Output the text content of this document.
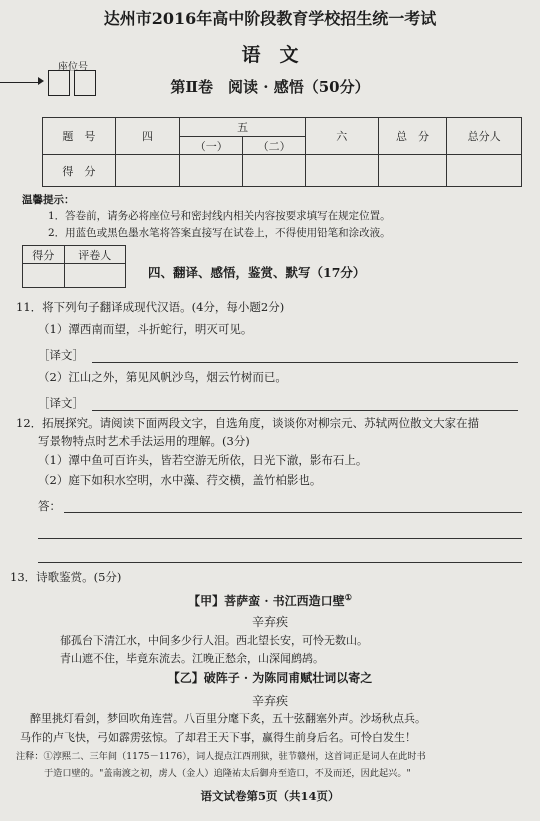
达州市2016年高中阶段教育学校招生统一考试
语　文
第Ⅱ卷　阅读 · 感悟（50分）
座位号
题　号	四	五		六	总　分	总分人
		（一）	（二）			
得　分						
温馨提示：
1．答卷前，请务必将座位号和密封线内相关内容按要求填写在规定位置。
2．用蓝色或黑色墨水笔将答案直接写在试卷上，不得使用铅笔和涂改液。
得分	评卷人

四、翻译、感悟，鉴赏、默写（17分）
11．将下列句子翻译成现代汉语。(4分，每小题2分)
（1）潭西南而望，斗折蛇行，明灭可见。
［译文］
（2）江山之外，第见风帆沙鸟，烟云竹树而已。
［译文］
12．拓展探究。请阅读下面两段文字，自选角度，谈谈你对柳宗元、苏轼两位散文大家在描
写景物特点时艺术手法运用的理解。(3分)
（1）潭中鱼可百许头，皆若空游无所依，日光下澈，影布石上。
（2）庭下如积水空明，水中藻、荇交横，盖竹柏影也。
答：
13．诗歌鉴赏。(5分)
【甲】菩萨蛮 · 书江西造口壁①
辛弃疾
郁孤台下清江水，中间多少行人泪。西北望长安，可怜无数山。
青山遮不住，毕竟东流去。江晚正愁余，山深闻鹧鸪。
【乙】破阵子 · 为陈同甫赋壮词以寄之
辛弃疾
醉里挑灯看剑，梦回吹角连营。八百里分麾下炙，五十弦翻塞外声。沙场秋点兵。
马作的卢飞快，弓如霹雳弦惊。了却君王天下事，赢得生前身后名。可怜白发生！
注释：①淳熙二、三年间（1175－1176），词人提点江西刑狱，驻节赣州，这首词正是词人在此时书
于造口壁的。"盖南渡之初，虏人（金人）追隆祐太后御舟至造口，不及而还，因此起兴。"
语文试卷第5页（共14页）
